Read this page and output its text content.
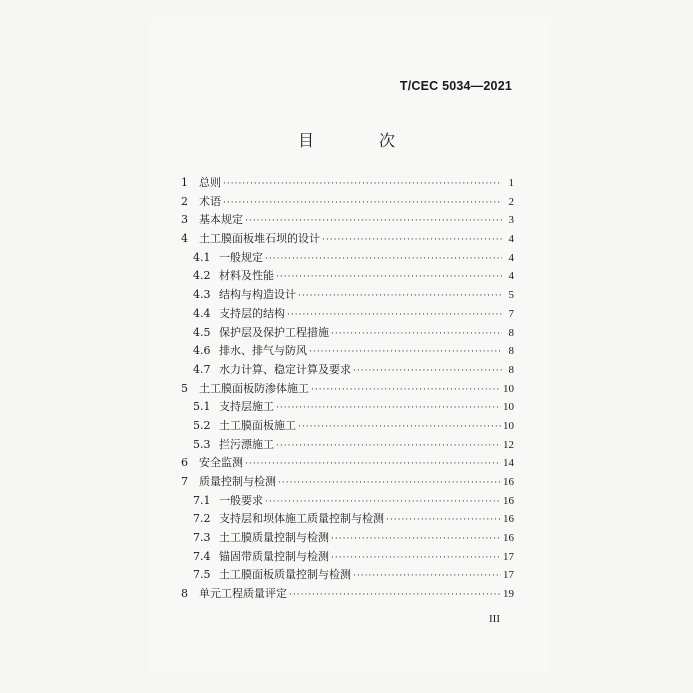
T/CEC 5034—2021
目 次
1	总则 ·····	1
2	术语 ·····	2
3	基本规定 ·····	3
4	土工膜面板堆石坝的设计 ·····	4
4.1 一般规定 ·····	4
4.2 材料及性能 ·····	4
4.3 结构与构造设计 ·····	5
4.4 支持层的结构 ·····	7
4.5 保护层及保护工程措施 ·····	8
4.6 排水、排气与防风 ·····	8
4.7 水力计算、稳定计算及要求 ·····	8
5	土工膜面板防渗体施工 ·····	10
5.1 支持层施工 ·····	10
5.2 土工膜面板施工 ·····	10
5.3 拦污漂施工 ·····	12
6	安全监测 ·····	14
7	质量控制与检测 ·····	16
7.1 一般要求 ·····	16
7.2 支持层和坝体施工质量控制与检测 ·····	16
7.3 土工膜质量控制与检测 ·····	16
7.4 锚固带质量控制与检测 ·····	17
7.5 土工膜面板质量控制与检测 ·····	17
8	单元工程质量评定 ·····	19
III
